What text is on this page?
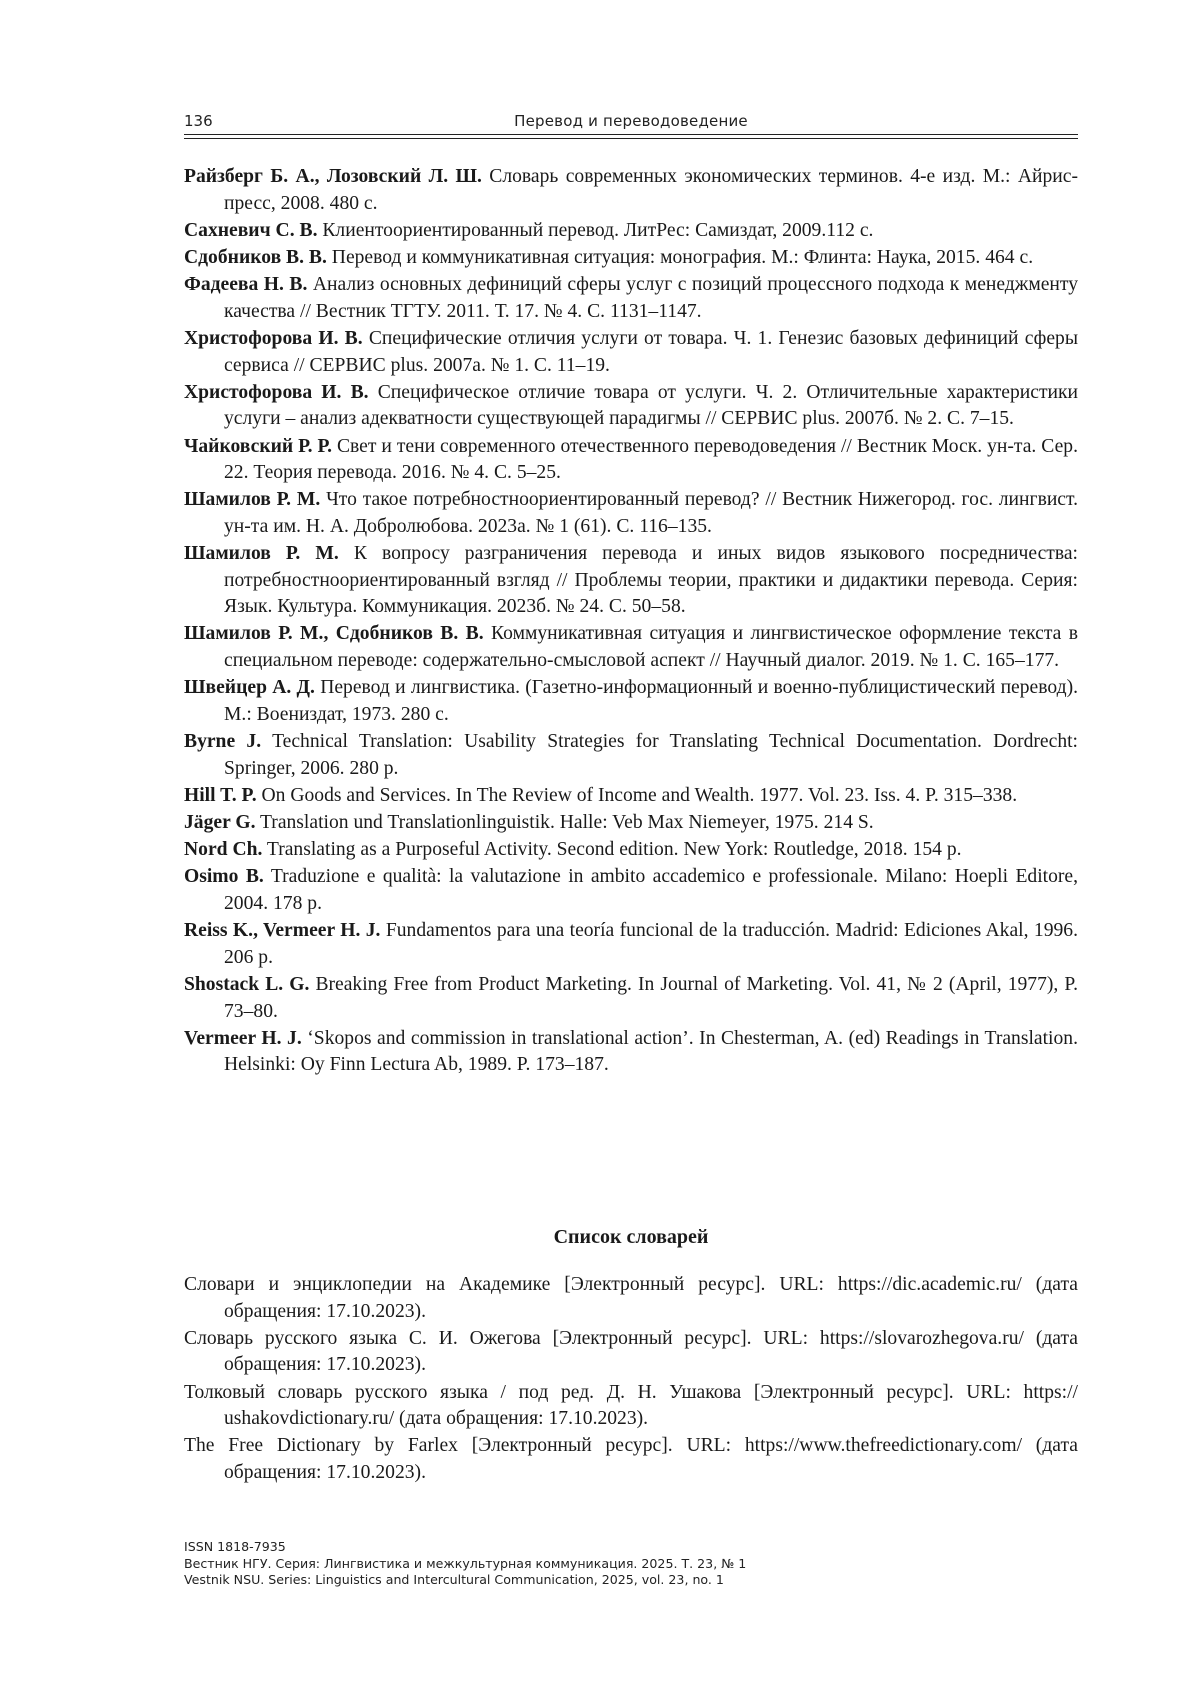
136	Перевод и переводоведение

Райзберг Б. А., Лозовский Л. Ш. Словарь современных экономических терминов. 4-е изд. М.: Айрис-пресс, 2008. 480 с.

Сахневич С. В. Клиентоориентированный перевод. ЛитРес: Самиздат, 2009.112 с.

Сдобников В. В. Перевод и коммуникативная ситуация: монография. М.: Флинта: Наука, 2015. 464 с.

Фадеева Н. В. Анализ основных дефиниций сферы услуг с позиций процессного подхода к менеджменту качества // Вестник ТГТУ. 2011. Т. 17. № 4. С. 1131–1147.

Христофорова И. В. Специфические отличия услуги от товара. Ч. 1. Генезис базовых дефиниций сферы сервиса // СЕРВИС plus. 2007а. № 1. С. 11–19.

Христофорова И. В. Специфическое отличие товара от услуги. Ч. 2. Отличительные характеристики услуги – анализ адекватности существующей парадигмы // СЕРВИС plus. 2007б. № 2. С. 7–15.

Чайковский Р. Р. Свет и тени современного отечественного переводоведения // Вестник Моск. ун-та. Сер. 22. Теория перевода. 2016. № 4. С. 5–25.

Шамилов Р. М. Что такое потребностноориентированный перевод? // Вестник Нижегород. гос. лингвист. ун-та им. Н. А. Добролюбова. 2023а. № 1 (61). С. 116–135.

Шамилов Р. М. К вопросу разграничения перевода и иных видов языкового посредничества: потребностноориентированный взгляд // Проблемы теории, практики и дидактики перевода. Серия: Язык. Культура. Коммуникация. 2023б. № 24. С. 50–58.

Шамилов Р. М., Сдобников В. В. Коммуникативная ситуация и лингвистическое оформление текста в специальном переводе: содержательно-смысловой аспект // Научный диалог. 2019. № 1. С. 165–177.

Швейцер А. Д. Перевод и лингвистика. (Газетно-информационный и военно-публицистический перевод). М.: Воениздат, 1973. 280 с.

Byrne J. Technical Translation: Usability Strategies for Translating Technical Documentation. Dordrecht: Springer, 2006. 280 p.

Hill T. P. On Goods and Services. In The Review of Income and Wealth. 1977. Vol. 23. Iss. 4. P. 315–338.

Jäger G. Translation und Translationlinguistik. Halle: Veb Max Niemeyer, 1975. 214 S.

Nord Ch. Translating as a Purposeful Activity. Second edition. New York: Routledge, 2018. 154 p.

Osimo B. Traduzione e qualità: la valutazione in ambito accademico e professionale. Milano: Hoepli Editore, 2004. 178 p.

Reiss K., Vermeer H. J. Fundamentos para una teoría funcional de la traducción. Madrid: Ediciones Akal, 1996. 206 p.

Shostack L. G. Breaking Free from Product Marketing. In Journal of Marketing. Vol. 41, № 2 (April, 1977), P. 73–80.

Vermeer H. J. ‘Skopos and commission in translational action’. In Chesterman, A. (ed) Readings in Translation. Helsinki: Oy Finn Lectura Ab, 1989. P. 173–187.

Список словарей

Словари и энциклопедии на Академике [Электронный ресурс]. URL: https://dic.academic.ru/ (дата обращения: 17.10.2023).

Словарь русского языка С. И. Ожегова [Электронный ресурс]. URL: https://slovarozhegova.ru/ (дата обращения: 17.10.2023).

Толковый словарь русского языка / под ред. Д. Н. Ушакова [Электронный ресурс]. URL: https:// ushakovdictionary.ru/ (дата обращения: 17.10.2023).

The Free Dictionary by Farlex [Электронный ресурс]. URL: https://www.thefreedictionary.com/ (дата обращения: 17.10.2023).

ISSN 1818-7935
Вестник НГУ. Серия: Лингвистика и межкультурная коммуникация. 2025. Т. 23, № 1
Vestnik NSU. Series: Linguistics and Intercultural Communication, 2025, vol. 23, no. 1
